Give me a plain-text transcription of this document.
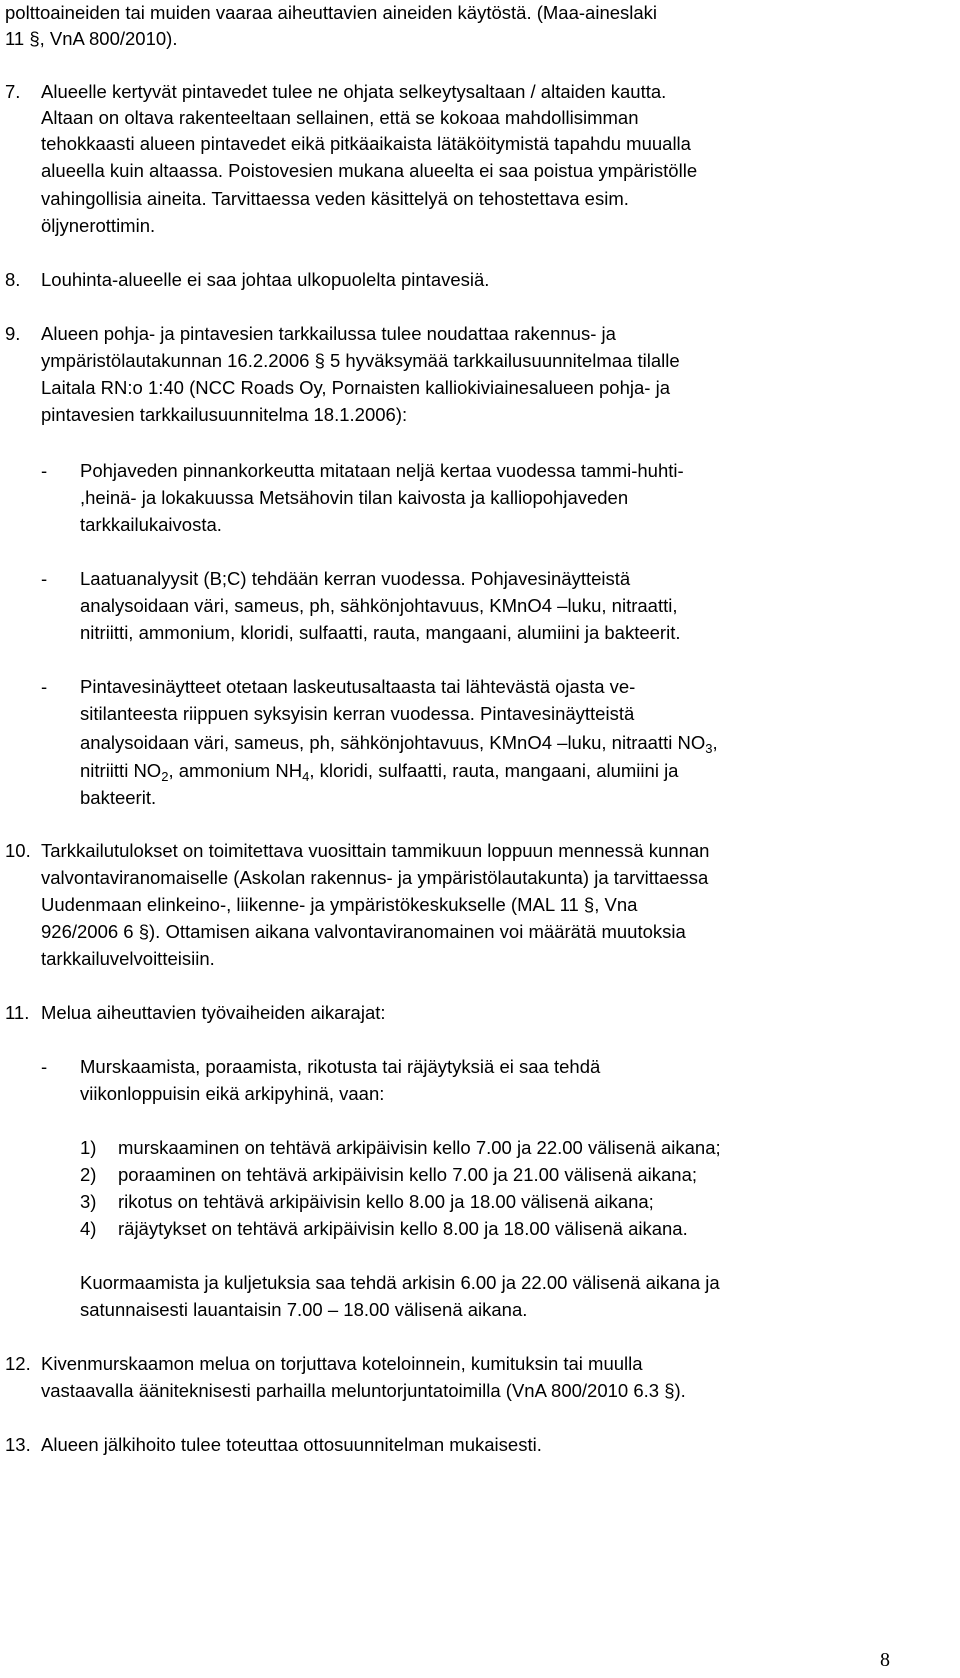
polttoaineiden tai muiden vaaraa aiheuttavien aineiden käytöstä. (Maa-aineslaki
11 §, VnA 800/2010).
7. Alueelle kertyvät pintavedet tulee ne ohjata selkeytysaltaan / altaiden kautta.
Altaan on oltava rakenteeltaan sellainen, että se kokoaa mahdollisimman
tehokkaasti alueen pintavedet eikä pitkäaikaista lätäköitymistä tapahdu muualla
alueella kuin altaassa. Poistovesien mukana alueelta ei saa poistua ympäristölle
vahingollisia aineita. Tarvittaessa veden käsittelyä on tehostettava esim.
öljynerottimin.
8. Louhinta-alueelle ei saa johtaa ulkopuolelta pintavesiä.
9. Alueen pohja- ja pintavesien tarkkailussa tulee noudattaa rakennus- ja
ympäristölautakunnan 16.2.2006 § 5 hyväksymää tarkkailusuunnitelmaa tilalle
Laitala RN:o 1:40 (NCC Roads Oy, Pornaisten kalliokiviainesalueen pohja- ja
pintavesien tarkkailusuunnitelma 18.1.2006):
- Pohjaveden pinnankorkeutta mitataan neljä kertaa vuodessa tammi-huhti-
,heinä- ja lokakuussa Metsähovin tilan kaivosta ja kalliopohjaveden
tarkkailukaivosta.
- Laatuanalyysit (B;C) tehdään kerran vuodessa. Pohjavesinäytteistä
analysoidaan väri, sameus, ph, sähkönjohtavuus, KMnO4 –luku, nitraatti,
nitriitti, ammonium, kloridi, sulfaatti, rauta, mangaani, alumiini ja bakteerit.
- Pintavesinäytteet otetaan laskeutusaltaasta tai lähtevästä ojasta ve-
sitilanteesta riippuen syksyisin kerran vuodessa. Pintavesinäytteistä
analysoidaan väri, sameus, ph, sähkönjohtavuus, KMnO4 –luku, nitraatti $NO_3$,
nitriitti $NO_2$, ammonium $NH_4$, kloridi, sulfaatti, rauta, mangaani, alumiini ja
bakteerit.
10. Tarkkailutulokset on toimitettava vuosittain tammikuun loppuun mennessä kunnan
valvontaviranomaiselle (Askolan rakennus- ja ympäristölautakunta) ja tarvittaessa
Uudenmaan elinkeino-, liikenne- ja ympäristökeskukselle (MAL 11 §, Vna
926/2006 6 §). Ottamisen aikana valvontaviranomainen voi määrätä muutoksia
tarkkailuvelvoitteisiin.
11. Melua aiheuttavien työvaiheiden aikarajat:
- Murskaamista, poraamista, rikotusta tai räjäytyksiä ei saa tehdä
viikonloppuisin eikä arkipyhinä, vaan:
1) murskaaminen on tehtävä arkipäivisin kello 7.00 ja 22.00 välisenä aikana;
2) poraaminen on tehtävä arkipäivisin kello 7.00 ja 21.00 välisenä aikana;
3) rikotus on tehtävä arkipäivisin kello 8.00 ja 18.00 välisenä aikana;
4) räjäytykset on tehtävä arkipäivisin kello 8.00 ja 18.00 välisenä aikana.
Kuormaamista ja kuljetuksia saa tehdä arkisin 6.00 ja 22.00 välisenä aikana ja
satunnaisesti lauantaisin 7.00 – 18.00 välisenä aikana.
12. Kivenmurskaamon melua on torjuttava koteloinnein, kumituksin tai muulla
vastaavalla ääniteknisesti parhailla meluntorjuntatoimilla (VnA 800/2010 6.3 §).
13. Alueen jälkihoito tulee toteuttaa ottosuunnitelman mukaisesti.
8
